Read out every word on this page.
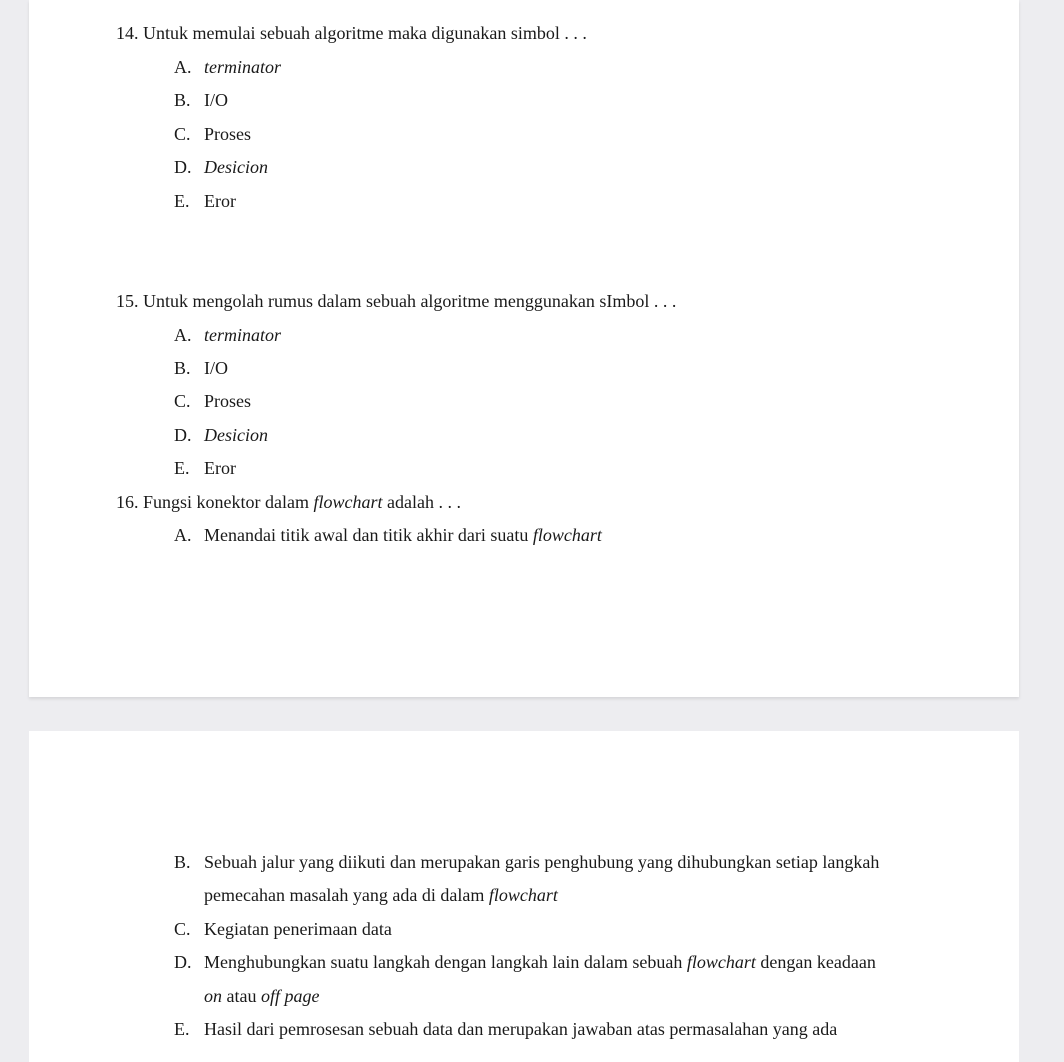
14. Untuk memulai sebuah algoritme maka digunakan simbol . . .

A. terminator

B. I/O

C. Proses

D. Desicion

E. Eror

15. Untuk mengolah rumus dalam sebuah algoritme menggunakan sImbol . . .

A. terminator

B. I/O

C. Proses

D. Desicion

E. Eror

16. Fungsi konektor dalam flowchart adalah . . .

A. Menandai titik awal dan titik akhir dari suatu flowchart

B. Sebuah jalur yang diikuti dan merupakan garis penghubung yang dihubungkan setiap langkah

pemecahan masalah yang ada di dalam flowchart

C. Kegiatan penerimaan data

D. Menghubungkan suatu langkah dengan langkah lain dalam sebuah flowchart dengan keadaan

on atau off page

E. Hasil dari pemrosesan sebuah data dan merupakan jawaban atas permasalahan yang ada
